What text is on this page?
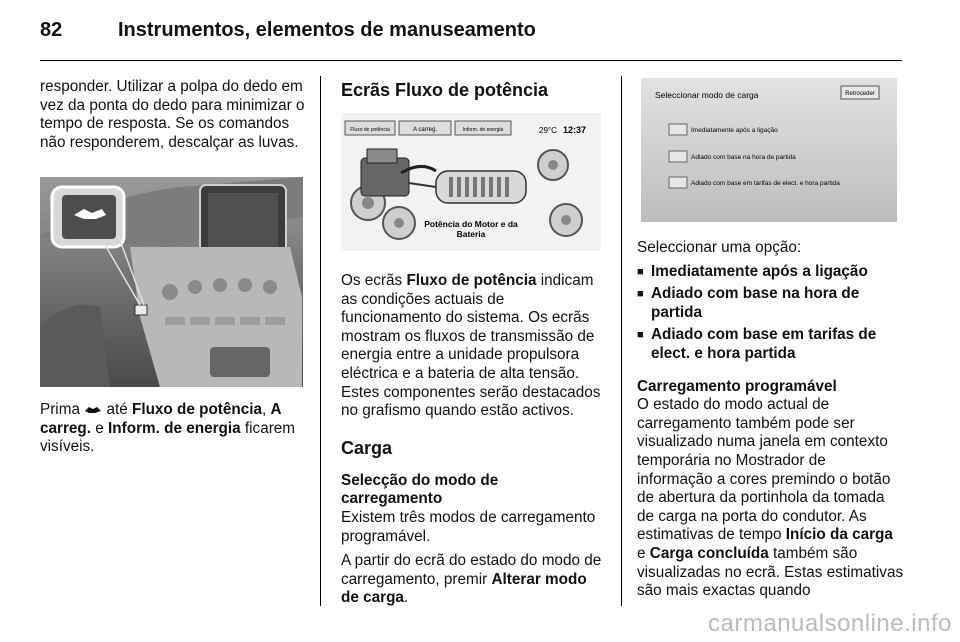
82	Instrumentos, elementos de manuseamento

responder. Utilizar a polpa do dedo em vez da ponta do dedo para minimizar o tempo de resposta. Se os comandos não responderem, descalçar as luvas.

Prima até Fluxo de potência, A carreg. e Inform. de energia ficarem visíveis.

Ecrãs Fluxo de potência
Fluxo de potência	A carreg.	Inform. de energia	29°C 12:37
Potência do Motor e da
Bateria

Os ecrãs Fluxo de potência indicam as condições actuais de funcionamento do sistema. Os ecrãs mostram os fluxos de transmissão de energia entre a unidade propulsora eléctrica e a bateria de alta tensão. Estes componentes serão destacados no grafismo quando estão activos.

Carga

Selecção do modo de carregamento

Existem três modos de carregamento programável.

A partir do ecrã do estado do modo de carregamento, premir Alterar modo de carga.

Seleccionar modo de carga	Retroceder
Imediatamente após a ligação
Adiado com base na hora de partida
Adiado com base em tarifas de elect. e hora partida

Seleccionar uma opção:

■ Imediatamente após a ligação
■ Adiado com base na hora de partida
■ Adiado com base em tarifas de elect. e hora partida

Carregamento programável

O estado do modo actual de carregamento também pode ser visualizado numa janela em contexto temporária no Mostrador de informação a cores premindo o botão de abertura da portinhola da tomada de carga na porta do condutor. As estimativas de tempo Início da carga e Carga concluída também são visualizadas no ecrã. Estas estimativas são mais exactas quando

carmanualsonline.info
